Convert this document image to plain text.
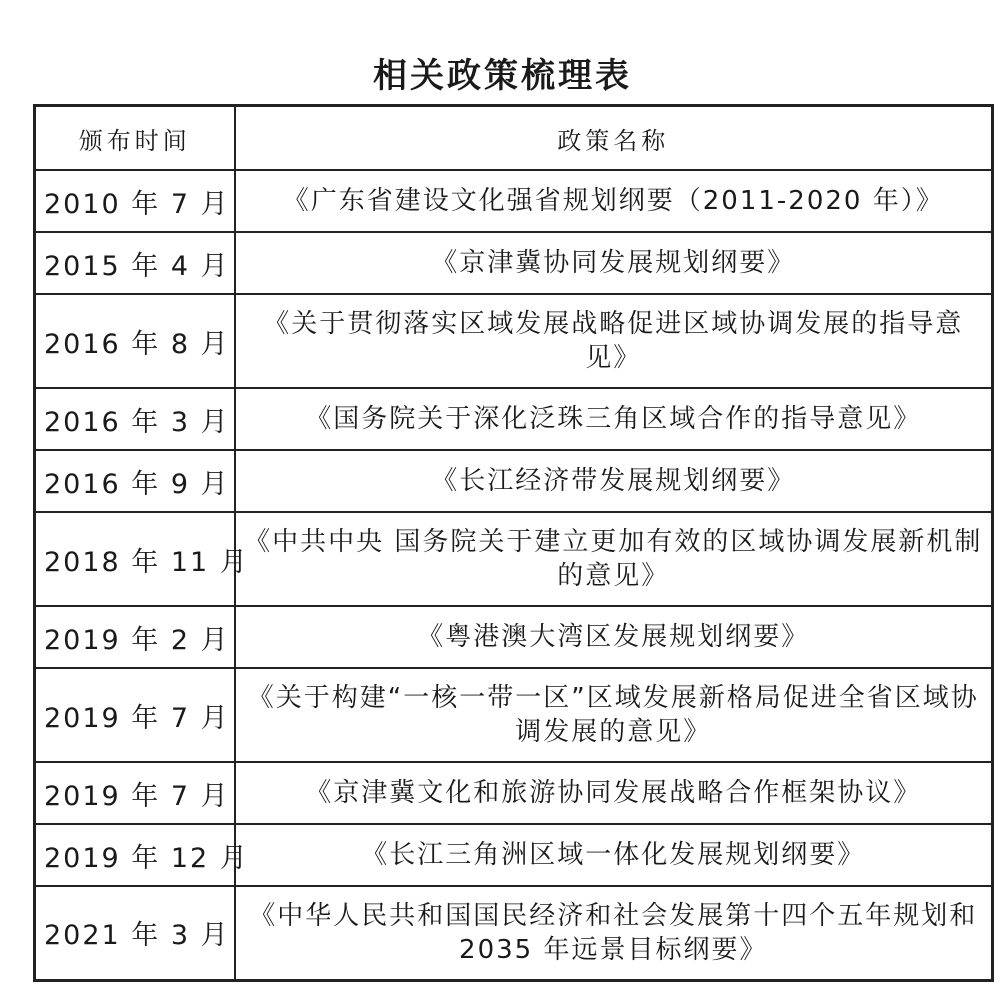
相关政策梳理表
颁布时间	政策名称
2010 年 7 月	《广东省建设文化强省规划纲要（2011-2020 年）》
2015 年 4 月	《京津冀协同发展规划纲要》
2016 年 8 月	《关于贯彻落实区域发展战略促进区域协调发展的指导意见》
2016 年 3 月	《国务院关于深化泛珠三角区域合作的指导意见》
2016 年 9 月	《长江经济带发展规划纲要》
2018 年 11 月	《中共中央 国务院关于建立更加有效的区域协调发展新机制的意见》
2019 年 2 月	《粤港澳大湾区发展规划纲要》
2019 年 7 月	《关于构建“一核一带一区”区域发展新格局促进全省区域协调发展的意见》
2019 年 7 月	《京津冀文化和旅游协同发展战略合作框架协议》
2019 年 12 月	《长江三角洲区域一体化发展规划纲要》
2021 年 3 月	《中华人民共和国国民经济和社会发展第十四个五年规划和 2035 年远景目标纲要》
